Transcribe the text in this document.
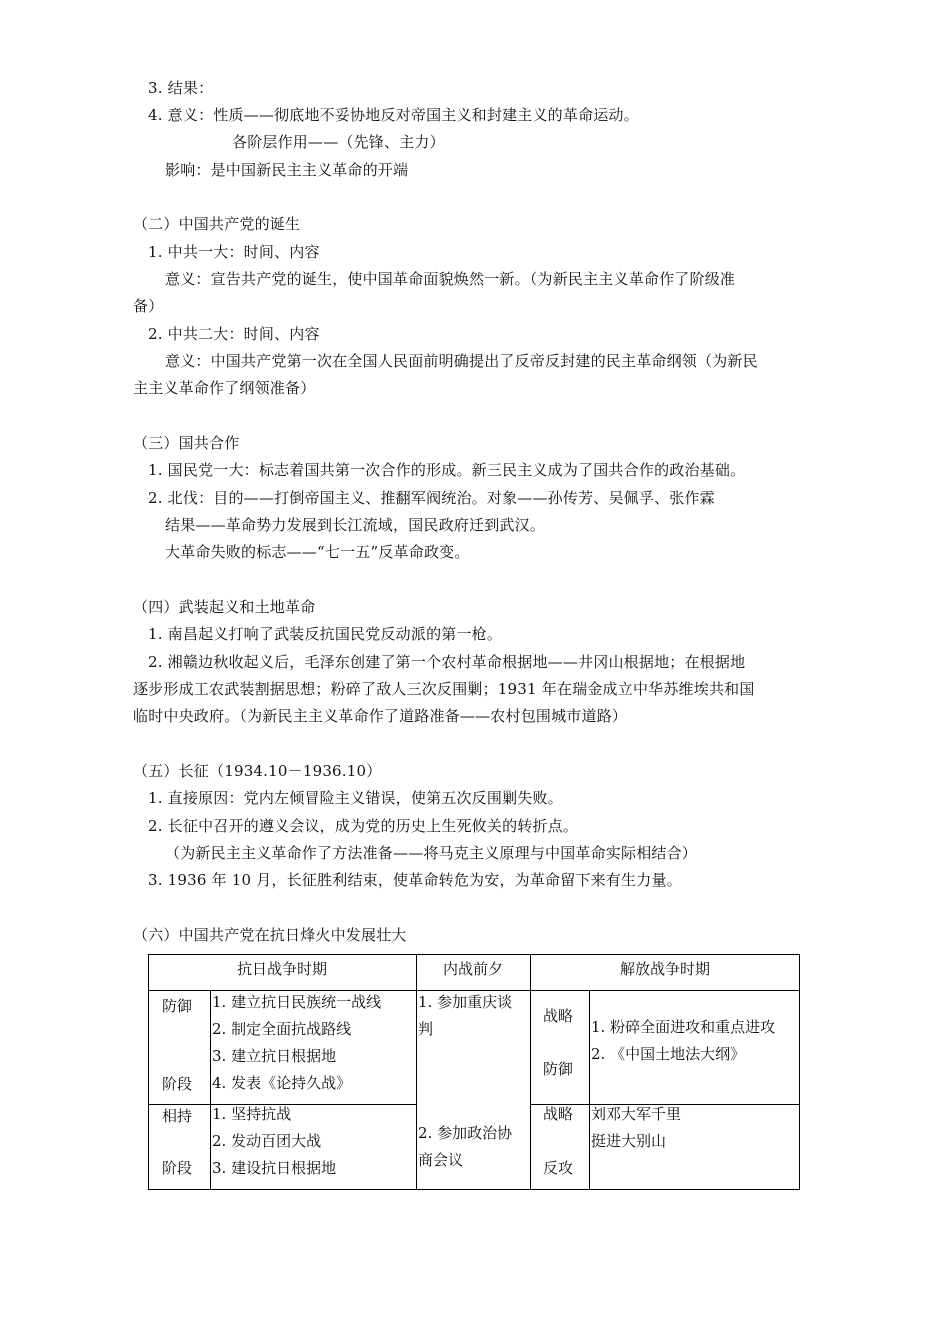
3. 结果：
4. 意义：性质——彻底地不妥协地反对帝国主义和封建主义的革命运动。
各阶层作用——（先锋、主力）
影响：是中国新民主主义革命的开端
（二）中国共产党的诞生
1. 中共一大：时间、内容
意义：宣告共产党的诞生，使中国革命面貌焕然一新。（为新民主主义革命作了阶级准
备）
2. 中共二大：时间、内容
意义：中国共产党第一次在全国人民面前明确提出了反帝反封建的民主革命纲领（为新民
主主义革命作了纲领准备）
（三）国共合作
1. 国民党一大：标志着国共第一次合作的形成。新三民主义成为了国共合作的政治基础。
2. 北伐：目的——打倒帝国主义、推翻军阀统治。对象——孙传芳、吴佩孚、张作霖
结果——革命势力发展到长江流域，国民政府迁到武汉。
大革命失败的标志——“七一五”反革命政变。
（四）武装起义和土地革命
1. 南昌起义打响了武装反抗国民党反动派的第一枪。
2. 湘赣边秋收起义后，毛泽东创建了第一个农村革命根据地——井冈山根据地；在根据地
逐步形成工农武装割据思想；粉碎了敌人三次反围剿；1931 年在瑞金成立中华苏维埃共和国
临时中央政府。（为新民主主义革命作了道路准备——农村包围城市道路）
（五）长征（1934.10－1936.10）
1. 直接原因：党内左倾冒险主义错误，使第五次反围剿失败。
2. 长征中召开的遵义会议，成为党的历史上生死攸关的转折点。
（为新民主主义革命作了方法准备——将马克主义原理与中国革命实际相结合）
3. 1936 年 10 月，长征胜利结束，使革命转危为安，为革命留下来有生力量。
（六）中国共产党在抗日烽火中发展壮大
抗日战争时期	内战前夕	解放战争时期
防御
阶段
1. 建立抗日民族统一战线
2. 制定全面抗战路线
3. 建立抗日根据地
4. 发表《论持久战》
相持
阶段
1. 坚持抗战
2. 发动百团大战
3. 建设抗日根据地
1. 参加重庆谈
判
2. 参加政治协
商会议
战略
防御
1. 粉碎全面进攻和重点进攻
2. 《中国土地法大纲》
战略
反攻
刘邓大军千里
挺进大别山
